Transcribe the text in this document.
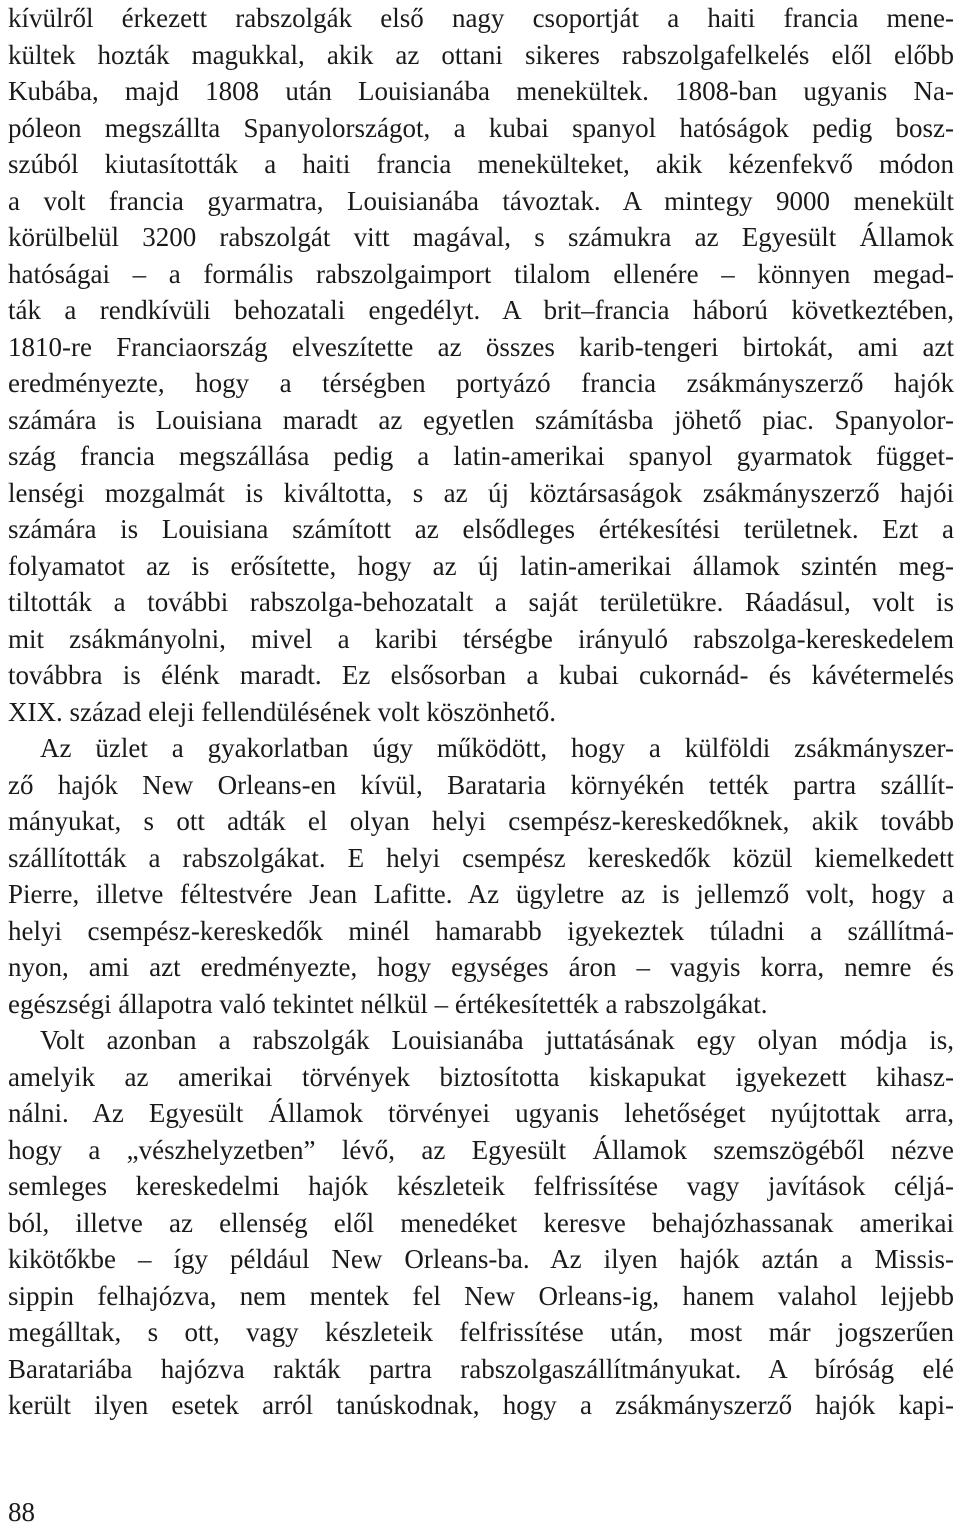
kívülről érkezett rabszolgák első nagy csoportját a haiti francia mene-
kültek hozták magukkal, akik az ottani sikeres rabszolgafelkelés elől előbb
Kubába, majd 1808 után Louisianába menekültek. 1808-ban ugyanis Na-
póleon megszállta Spanyolországot, a kubai spanyol hatóságok pedig bosz-
szúból kiutasították a haiti francia menekülteket, akik kézenfekvő módon
a volt francia gyarmatra, Louisianába távoztak. A mintegy 9000 menekült
körülbelül 3200 rabszolgát vitt magával, s számukra az Egyesült Államok
hatóságai – a formális rabszolgaimport tilalom ellenére – könnyen megad-
ták a rendkívüli behozatali engedélyt. A brit–francia háború következtében,
1810-re Franciaország elveszítette az összes karib-tengeri birtokát, ami azt
eredményezte, hogy a térségben portyázó francia zsákmányszerző hajók
számára is Louisiana maradt az egyetlen számításba jöhető piac. Spanyolor-
szág francia megszállása pedig a latin-amerikai spanyol gyarmatok függet-
lenségi mozgalmát is kiváltotta, s az új köztársaságok zsákmányszerző hajói
számára is Louisiana számított az elsődleges értékesítési területnek. Ezt a
folyamatot az is erősítette, hogy az új latin-amerikai államok szintén meg-
tiltották a további rabszolga-behozatalt a saját területükre. Ráadásul, volt is
mit zsákmányolni, mivel a karibi térségbe irányuló rabszolga-kereskedelem
továbbra is élénk maradt. Ez elsősorban a kubai cukornád- és kávétermelés
XIX. század eleji fellendülésének volt köszönhető.
Az üzlet a gyakorlatban úgy működött, hogy a külföldi zsákmányszer-
ző hajók New Orleans-en kívül, Barataria környékén tették partra szállít-
mányukat, s ott adták el olyan helyi csempész-kereskedőknek, akik tovább
szállították a rabszolgákat. E helyi csempész kereskedők közül kiemelkedett
Pierre, illetve féltestvére Jean Lafitte. Az ügyletre az is jellemző volt, hogy a
helyi csempész-kereskedők minél hamarabb igyekeztek túladni a szállítmá-
nyon, ami azt eredményezte, hogy egységes áron – vagyis korra, nemre és
egészségi állapotra való tekintet nélkül – értékesítették a rabszolgákat.
Volt azonban a rabszolgák Louisianába juttatásának egy olyan módja is,
amelyik az amerikai törvények biztosította kiskapukat igyekezett kihasz-
nálni. Az Egyesült Államok törvényei ugyanis lehetőséget nyújtottak arra,
hogy a „vészhelyzetben” lévő, az Egyesült Államok szemszögéből nézve
semleges kereskedelmi hajók készleteik felfrissítése vagy javítások céljá-
ból, illetve az ellenség elől menedéket keresve behajózhassanak amerikai
kikötőkbe – így például New Orleans-ba. Az ilyen hajók aztán a Missis-
sippin felhajózva, nem mentek fel New Orleans-ig, hanem valahol lejjebb
megálltak, s ott, vagy készleteik felfrissítése után, most már jogszerűen
Baratariába hajózva rakták partra rabszolgaszállítmányukat. A bíróság elé
került ilyen esetek arról tanúskodnak, hogy a zsákmányszerző hajók kapi-
88
